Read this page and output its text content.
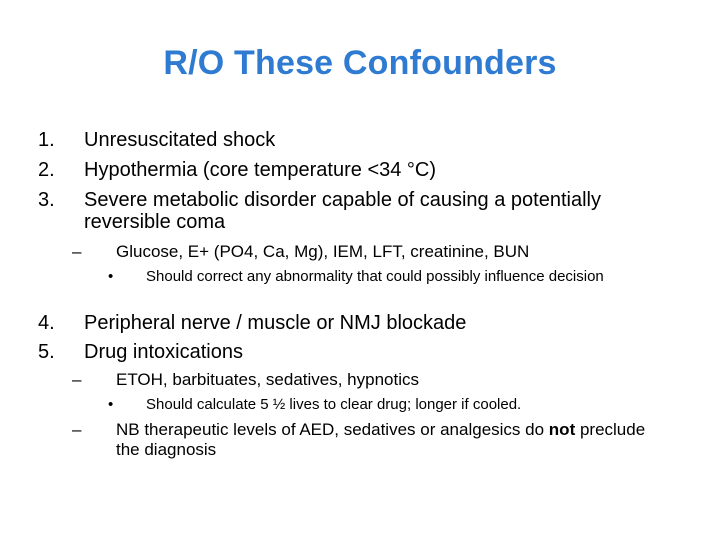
R/O These Confounders
1.	Unresuscitated shock
2.	Hypothermia (core temperature <34 °C)
3.	Severe metabolic disorder capable of causing a potentially reversible coma
–	Glucose, E+ (PO4, Ca, Mg), IEM, LFT, creatinine, BUN
•	Should correct any abnormality that could possibly influence decision
4.	Peripheral nerve / muscle or NMJ blockade
5.	Drug intoxications
–	ETOH, barbituates, sedatives, hypnotics
•	Should calculate 5 ½ lives to clear drug; longer if cooled.
–	NB therapeutic levels of AED, sedatives or analgesics do not preclude the diagnosis
